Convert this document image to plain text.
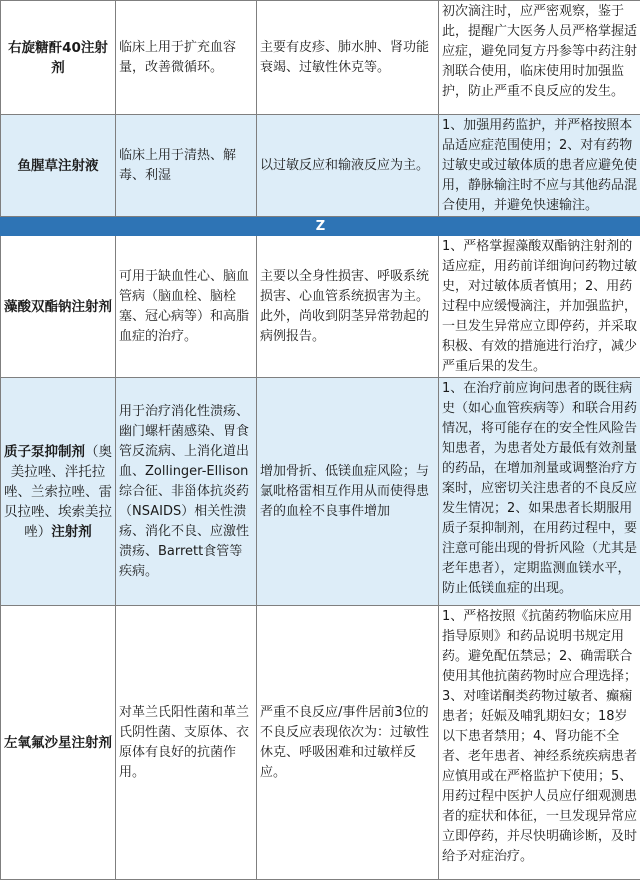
右旋糖酐40注射剂	临床上用于扩充血容量，改善微循环。	主要有皮疹、肺水肿、肾功能衰竭、过敏性休克等。	初次滴注时，应严密观察，鉴于此，提醒广大医务人员严格掌握适应症，避免同复方丹参等中药注射剂联合使用，临床使用时加强监护，防止严重不良反应的发生。
鱼腥草注射液	临床上用于清热、解毒、利湿	以过敏反应和输液反应为主。	1、加强用药监护，并严格按照本品适应症范围使用；2、对有药物过敏史或过敏体质的患者应避免使用，静脉输注时不应与其他药品混合使用，并避免快速输注。
Z			
藻酸双酯钠注射剂	可用于缺血性心、脑血管病（脑血栓、脑栓塞、冠心病等）和高脂血症的治疗。	主要以全身性损害、呼吸系统损害、心血管系统损害为主。此外，尚收到阴茎异常勃起的病例报告。	1、严格掌握藻酸双酯钠注射剂的适应症，用药前详细询问药物过敏史，对过敏体质者慎用；2、用药过程中应缓慢滴注，并加强监护，一旦发生异常应立即停药，并采取积极、有效的措施进行治疗，减少严重后果的发生。
质子泵抑制剂（奥美拉唑、泮托拉唑、兰索拉唑、雷贝拉唑、埃索美拉唑）注射剂	用于治疗消化性溃疡、幽门螺杆菌感染、胃食管反流病、上消化道出血、Zollinger-Ellison综合征、非甾体抗炎药（NSAIDS）相关性溃疡、消化不良、应激性溃疡、Barrett食管等疾病。	增加骨折、低镁血症风险；与氯吡格雷相互作用从而使得患者的血栓不良事件增加	1、在治疗前应询问患者的既往病史（如心血管疾病等）和联合用药情况，将可能存在的安全性风险告知患者，为患者处方最低有效剂量的药品，在增加剂量或调整治疗方案时，应密切关注患者的不良反应发生情况；2、如果患者长期服用质子泵抑制剂，在用药过程中，要注意可能出现的骨折风险（尤其是老年患者），定期监测血镁水平，防止低镁血症的出现。
左氧氟沙星注射剂	对革兰氏阳性菌和革兰氏阴性菌、支原体、衣原体有良好的抗菌作用。	严重不良反应/事件居前3位的不良反应表现依次为：过敏性休克、呼吸困难和过敏样反应。	1、严格按照《抗菌药物临床应用指导原则》和药品说明书规定用药。避免配伍禁忌；2、确需联合使用其他抗菌药物时应合理选择；3、对喹诺酮类药物过敏者、癫痫患者；妊娠及哺乳期妇女；18岁以下患者禁用；4、肾功能不全者、老年患者、神经系统疾病患者应慎用或在严格监护下使用；5、用药过程中医护人员应仔细观测患者的症状和体征，一旦发现异常应立即停药，并尽快明确诊断，及时给予对症治疗。
